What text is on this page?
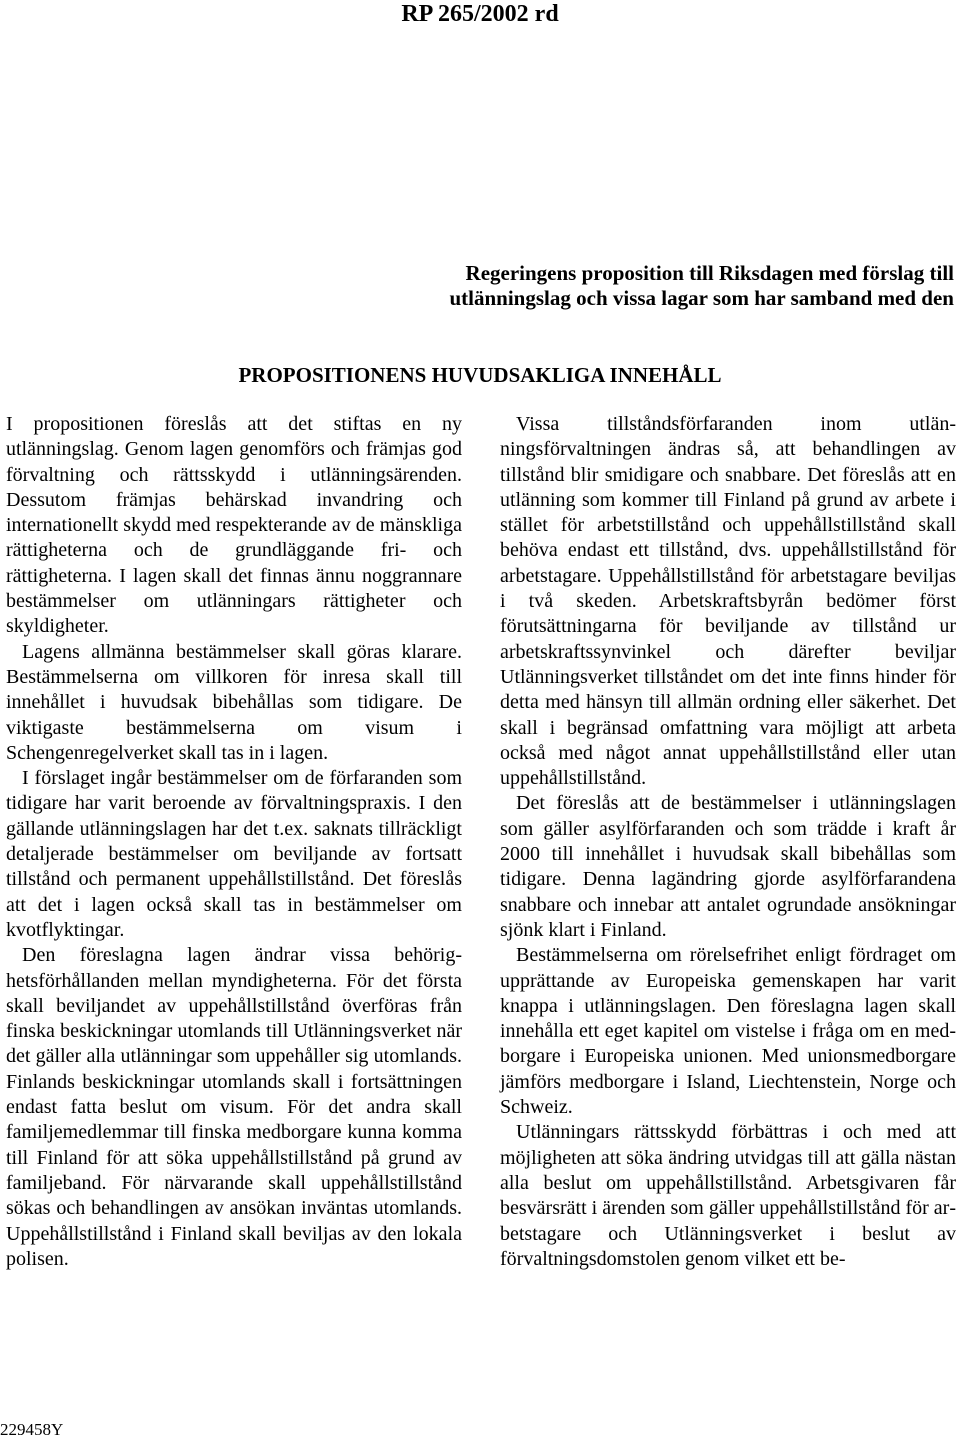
RP 265/2002 rd
Regeringens proposition till Riksdagen med förslag till
utlänningslag och vissa lagar som har samband med den
PROPOSITIONENS HUVUDSAKLIGA INNEHÅLL

I propositionen föreslås att det stiftas en ny utlänningslag. Genom lagen genomförs och främjas god förvaltning och rättsskydd i utlänningsärenden. Dessutom främjas behärskad invandring och internationellt skydd med respekterande av de mänskliga rättigheterna och de grundläggande fri- och rättigheterna. I lagen skall det finnas ännu noggrannare bestämmelser om utlänningars rättigheter och skyldigheter.

Lagens allmänna bestämmelser skall göras klarare. Bestämmelserna om villkoren för inresa skall till innehållet i huvudsak bibehållas som tidigare. De viktigaste bestämmelserna om visum i Schengenregelverket skall tas in i lagen.

I förslaget ingår bestämmelser om de förfaranden som tidigare har varit beroende av förvaltningspraxis. I den gällande utlänningslagen har det t.ex. saknats tillräckligt detaljerade bestämmelser om beviljande av fortsatt tillstånd och permanent uppehållstillstånd. Det föreslås att det i lagen också skall tas in bestämmelser om kvotflyktingar.

Den föreslagna lagen ändrar vissa behörighetsförhållanden mellan myndigheterna. För det första skall beviljandet av uppehållstillstånd överföras från finska beskickningar utomlands till Utlänningsverket när det gäller alla utlänningar som uppehåller sig utomlands. Finlands beskickningar utomlands skall i fortsättningen endast fatta beslut om visum. För det andra skall familjemedlemmar till finska medborgare kunna komma till Finland för att söka uppehållstillstånd på grund av familjeband. För närvarande skall uppehållstillstånd sökas och behandlingen av ansökan inväntas utomlands. Uppehållstillstånd i Finland skall beviljas av den lokala polisen.

Vissa tillståndsförfaranden inom utlänningsförvaltningen ändras så, att behandlingen av tillstånd blir smidigare och snabbare. Det föreslås att en utlänning som kommer till Finland på grund av arbete i stället för arbetstillstånd och uppehållstillstånd skall behöva endast ett tillstånd, dvs. uppehållstillstånd för arbetstagare. Uppehållstillstånd för arbetstagare beviljas i två skeden. Arbetskraftsbyrån bedömer först förutsättningarna för beviljande av tillstånd ur arbetskraftssynvinkel och därefter beviljar Utlänningsverket tillståndet om det inte finns hinder för detta med hänsyn till allmän ordning eller säkerhet. Det skall i begränsad omfattning vara möjligt att arbeta också med något annat uppehållstillstånd eller utan uppehållstillstånd.

Det föreslås att de bestämmelser i utlänningslagen som gäller asylförfaranden och som trädde i kraft år 2000 till innehållet i huvudsak skall bibehållas som tidigare. Denna lagändring gjorde asylförfarandena snabbare och innebar att antalet ogrundade ansökningar sjönk klart i Finland.

Bestämmelserna om rörelsefrihet enligt fördraget om upprättande av Europeiska gemenskapen har varit knappa i utlänningslagen. Den föreslagna lagen skall innehålla ett eget kapitel om vistelse i fråga om en medborgare i Europeiska unionen. Med unionsmedborgare jämförs medborgare i Island, Liechtenstein, Norge och Schweiz.

Utlänningars rättsskydd förbättras i och med att möjligheten att söka ändring utvidgas till att gälla nästan alla beslut om uppehållstillstånd. Arbetsgivaren får besvärsrätt i ärenden som gäller uppehållstillstånd för arbetstagare och Utlänningsverket i beslut av förvaltningsdomstolen genom vilket ett be-

229458Y
